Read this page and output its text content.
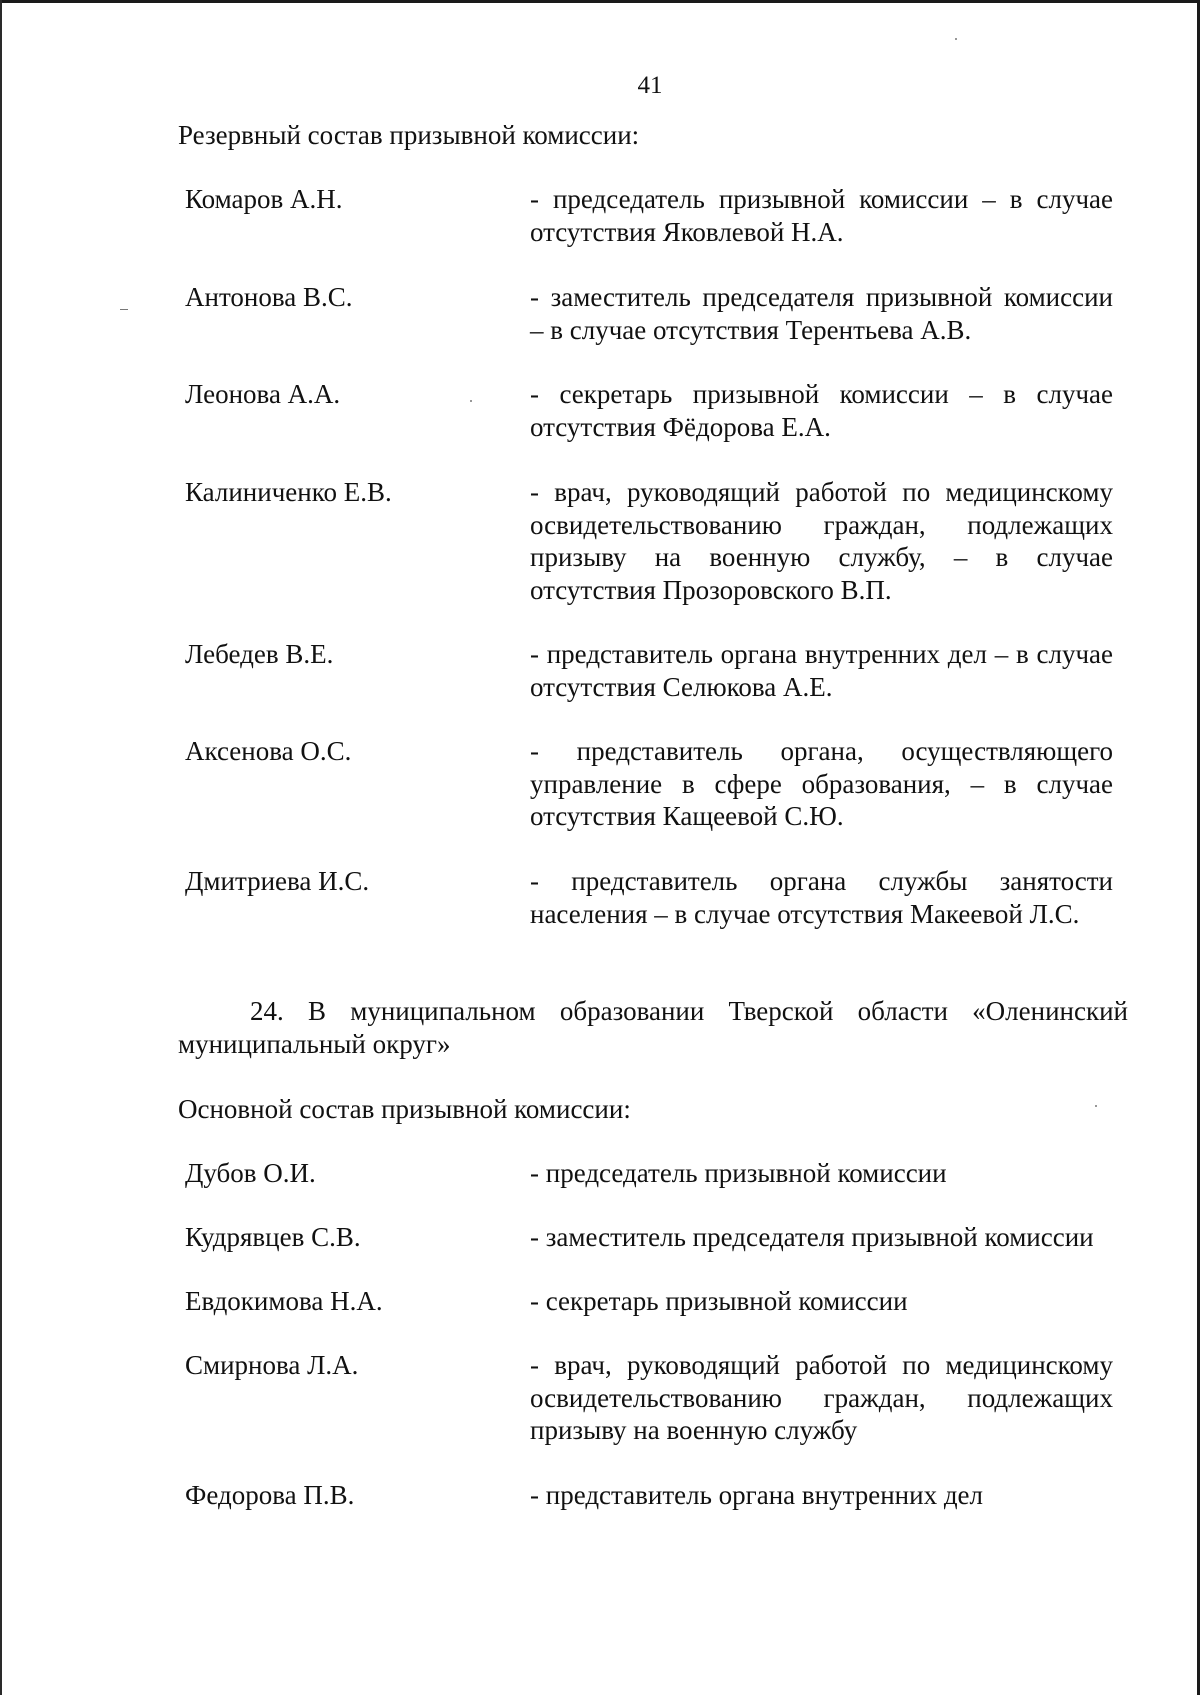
41
Резервный состав призывной комиссии:
Комаров А.Н.	- председатель призывной комиссии – в случае отсутствия Яковлевой Н.А.
Антонова В.С.	- заместитель председателя призывной комиссии – в случае отсутствия Терентьева А.В.
Леонова А.А.	- секретарь призывной комиссии – в случае отсутствия Фёдорова Е.А.
Калиниченко Е.В.	- врач, руководящий работой по медицинскому освидетельствованию граждан, подлежащих призыву на военную службу, – в случае отсутствия Прозоровского В.П.
Лебедев В.Е.	- представитель органа внутренних дел – в случае отсутствия Селюкова А.Е.
Аксенова О.С.	- представитель органа, осуществляющего управление в сфере образования, – в случае отсутствия Кащеевой С.Ю.
Дмитриева И.С.	- представитель органа службы занятости населения – в случае отсутствия Макеевой Л.С.
24. В муниципальном образовании Тверской области «Оленинский
муниципальный округ»
Основной состав призывной комиссии:
Дубов О.И.	- председатель призывной комиссии
Кудрявцев С.В.	- заместитель председателя призывной комиссии
Евдокимова Н.А.	- секретарь призывной комиссии
Смирнова Л.А.	- врач, руководящий работой по медицинскому освидетельствованию граждан, подлежащих призыву на военную службу
Федорова П.В.	- представитель органа внутренних дел
